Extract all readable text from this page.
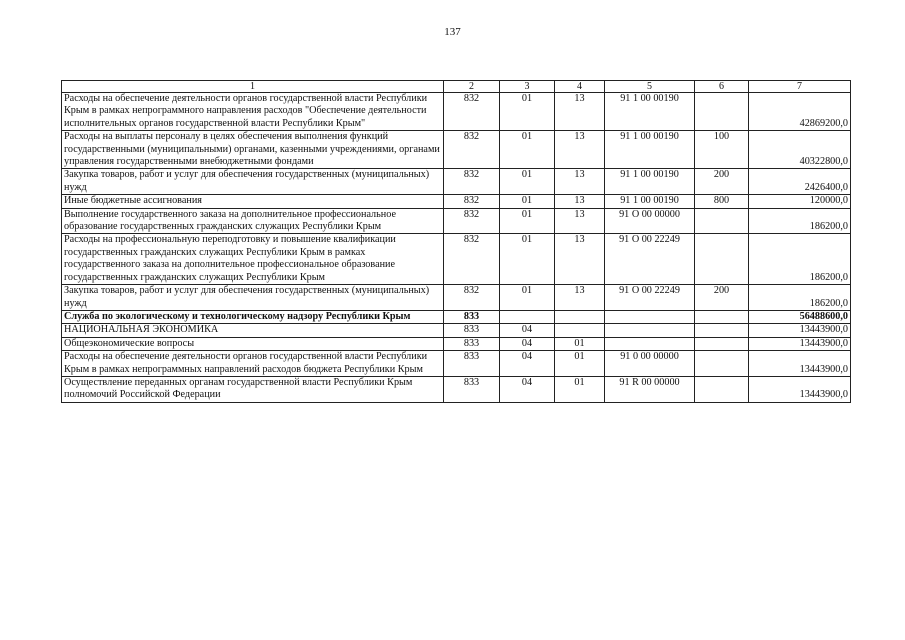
137
1	2	3	4	5	6	7
Расходы на обеспечение деятельности органов государственной власти Республики Крым в рамках непрограммного направления расходов "Обеспечение деятельности исполнительных органов государственной власти Республики Крым"	832	01	13	91 1 00 00190		42869200,0
Расходы на выплаты персоналу в целях обеспечения выполнения функций государственными (муниципальными) органами, казенными учреждениями, органами управления государственными внебюджетными фондами	832	01	13	91 1 00 00190	100	40322800,0
Закупка товаров, работ и услуг для обеспечения государственных (муниципальных) нужд	832	01	13	91 1 00 00190	200	2426400,0
Иные бюджетные ассигнования	832	01	13	91 1 00 00190	800	120000,0
Выполнение государственного заказа на дополнительное профессиональное образование государственных гражданских служащих Республики Крым	832	01	13	91 О 00 00000		186200,0
Расходы на профессиональную переподготовку и повышение квалификации государственных гражданских служащих Республики Крым в рамках государственного заказа на дополнительное профессиональное образование государственных гражданских служащих Республики Крым	832	01	13	91 О 00 22249		186200,0
Закупка товаров, работ и услуг для обеспечения государственных (муниципальных) нужд	832	01	13	91 О 00 22249	200	186200,0
Служба по экологическому и технологическому надзору Республики Крым	833					56488600,0
НАЦИОНАЛЬНАЯ ЭКОНОМИКА	833	04				13443900,0
Общеэкономические вопросы	833	04	01			13443900,0
Расходы на обеспечение деятельности органов государственной власти Республики Крым в рамках непрограммных направлений расходов бюджета Республики Крым	833	04	01	91 0 00 00000		13443900,0
Осуществление переданных органам государственной власти Республики Крым полномочий Российской Федерации	833	04	01	91 R 00 00000		13443900,0
